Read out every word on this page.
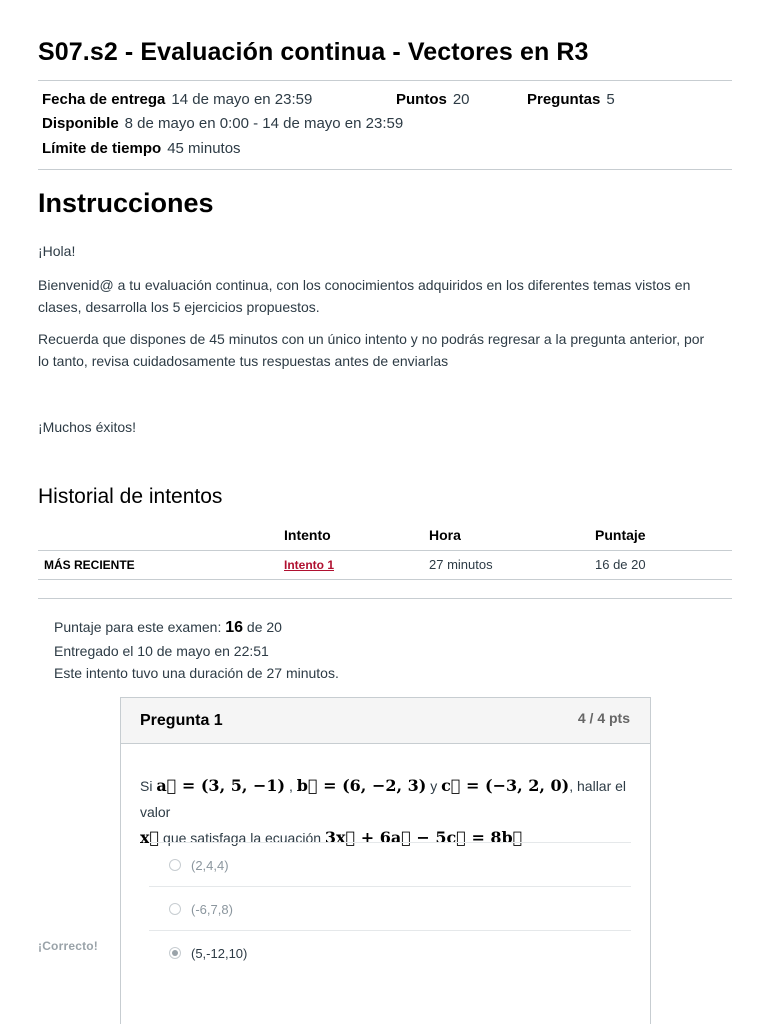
S07.s2 - Evaluación continua - Vectores en R3
Fecha de entrega 14 de mayo en 23:59	Puntos 20	Preguntas 5
Disponible 8 de mayo en 0:00 - 14 de mayo en 23:59
Límite de tiempo 45 minutos
Instrucciones

¡Hola!

Bienvenid@ a tu evaluación continua, con los conocimientos adquiridos en los diferentes temas vistos en clases, desarrolla los 5 ejercicios propuestos.

Recuerda que dispones de 45 minutos con un único intento y no podrás regresar a la pregunta anterior, por lo tanto, revisa cuidadosamente tus respuestas antes de enviarlas

¡Muchos éxitos!

Historial de intentos
	Intento	Hora	Puntaje
MÁS RECIENTE	Intento 1	27 minutos	16 de 20
Puntaje para este examen: 16 de 20
Entregado el 10 de mayo en 22:51
Este intento tuvo una duración de 27 minutos.
¡Correcto!
Pregunta 1	4 / 4 pts
Si a⃗ = (3, 5, −1) , b⃗ = (6, −2, 3) y c⃗ = (−3, 2, 0), hallar el valor
x⃗ que satisfaga la ecuación 3x⃗ + 6a⃗ − 5c⃗ = 8b⃗
(2,4,4)
(-6,7,8)
(5,-12,10)
